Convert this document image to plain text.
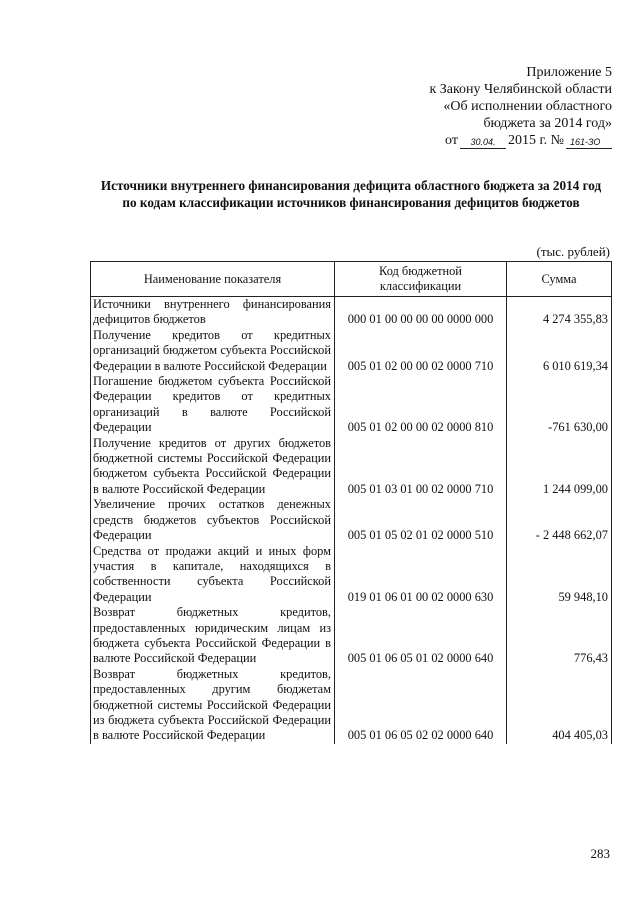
Приложение 5
к Закону Челябинской области
«Об исполнении областного
бюджета за 2014 год»
от	30.04. 2015 г. № 161-ЗО
Источники внутреннего финансирования дефицита областного бюджета за 2014 год по кодам классификации источников финансирования дефицитов бюджетов
(тыс. рублей)
Наименование показателя	Код бюджетной классификации	Сумма
Источники внутреннего финансирования дефицитов бюджетов	000 01 00 00 00 00 0000 000	4 274 355,83
Получение кредитов от кредитных организаций бюджетом субъекта Российской Федерации в валюте Российской Федерации	005 01 02 00 00 02 0000 710	6 010 619,34
Погашение бюджетом субъекта Российской Федерации кредитов от кредитных организаций в валюте Российской Федерации	005 01 02 00 00 02 0000 810	-761 630,00
Получение кредитов от других бюджетов бюджетной системы Российской Федерации бюджетом субъекта Российской Федерации в валюте Российской Федерации	005 01 03 01 00 02 0000 710	1 244 099,00
Увеличение прочих остатков денежных средств бюджетов субъектов Российской Федерации	005 01 05 02 01 02 0000 510	- 2 448 662,07
Средства от продажи акций и иных форм участия в капитале, находящихся в собственности субъекта Российской Федерации	019 01 06 01 00 02 0000 630	59 948,10
Возврат бюджетных кредитов, предоставленных юридическим лицам из бюджета субъекта Российской Федерации в валюте Российской Федерации	005 01 06 05 01 02 0000 640	776,43
Возврат бюджетных кредитов, предоставленных другим бюджетам бюджетной системы Российской Федерации из бюджета субъекта Российской Федерации в валюте Российской Федерации	005 01 06 05 02 02 0000 640	404 405,03
283
